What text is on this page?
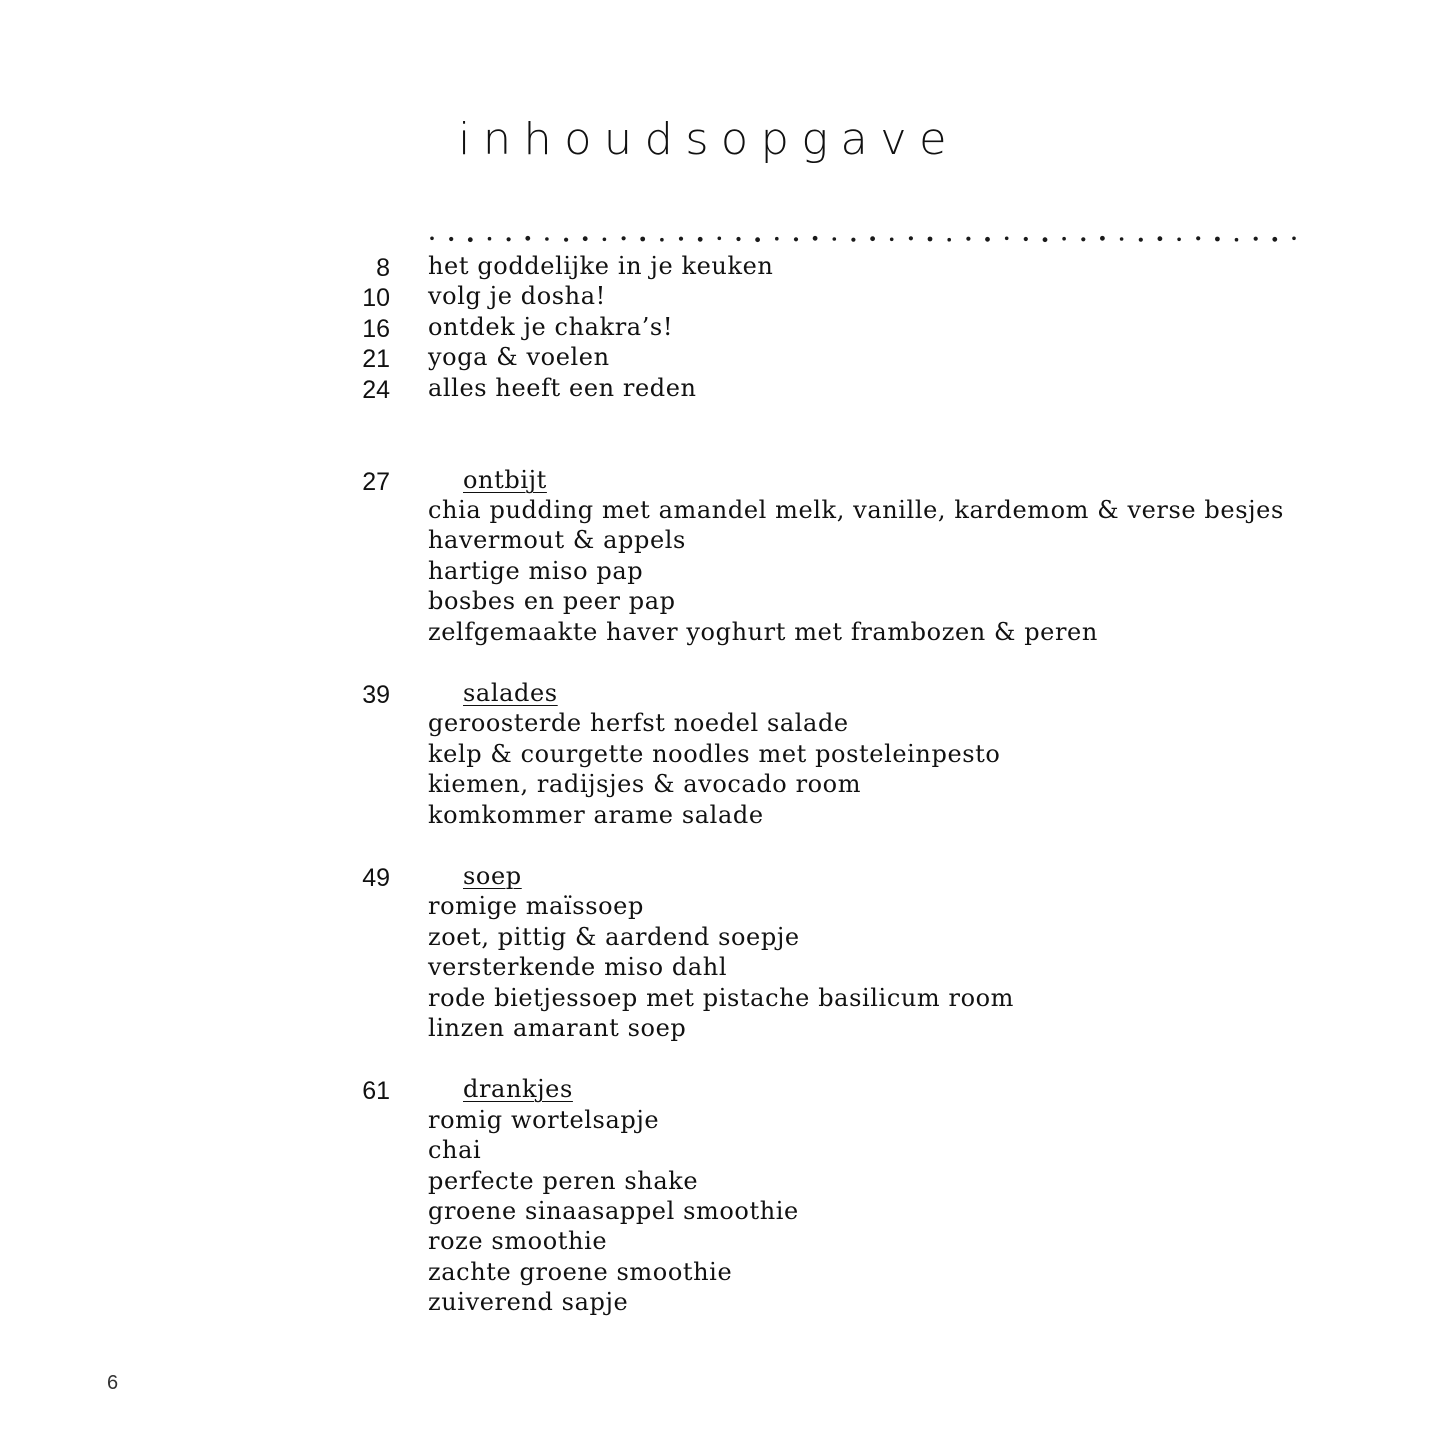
inhoudsopgave
8 het goddelijke in je keuken
10 volg je dosha!
16 ontdek je chakra’s!
21 yoga & voelen
24 alles heeft een reden
27	ontbijt
chia pudding met amandel melk, vanille, kardemom & verse besjes
havermout & appels
hartige miso pap
bosbes en peer pap
zelfgemaakte haver yoghurt met frambozen & peren
39	salades
geroosterde herfst noedel salade
kelp & courgette noodles met posteleinpesto
kiemen, radijsjes & avocado room
komkommer arame salade
49	soep
romige maïssoep
zoet, pittig & aardend soepje
versterkende miso dahl
rode bietjessoep met pistache basilicum room
linzen amarant soep
61	drankjes
romig wortelsapje
chai
perfecte peren shake
groene sinaasappel smoothie
roze smoothie
zachte groene smoothie
zuiverend sapje
6
